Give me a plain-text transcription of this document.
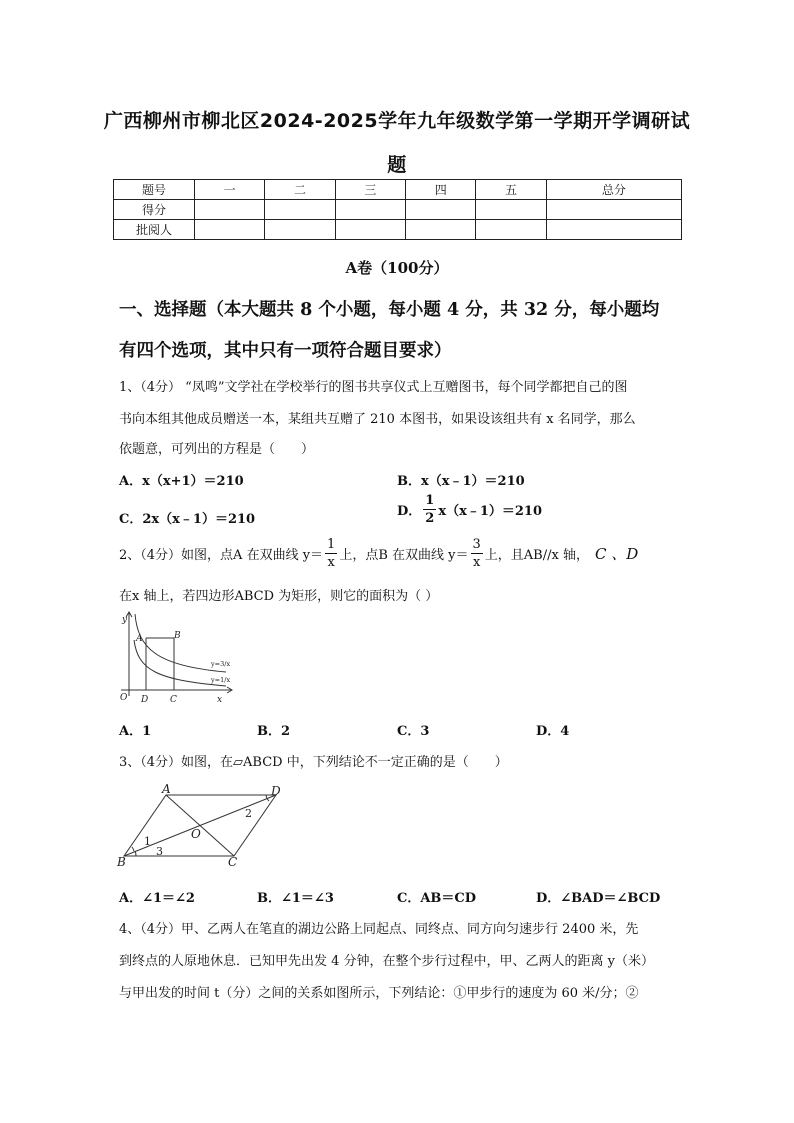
广西柳州市柳北区2024-2025学年九年级数学第一学期开学调研试
题
题号	一	二	三	四	五	总分
得分						
批阅人						
A卷（100分）
一、选择题（本大题共 8 个小题，每小题 4 分，共 32 分，每小题均
有四个选项，其中只有一项符合题目要求）
1、（4分） “凤鸣”文学社在学校举行的图书共享仪式上互赠图书，每个同学都把自己的图
书向本组其他成员赠送一本，某组共互赠了 210 本图书，如果设该组共有 x 名同学，那么
依题意，可列出的方程是（　　）
A．x（x+1）＝210	B．x（x﹣1）＝210
C．2x（x﹣1）＝210
D． $\frac{1}{2}$ x（x﹣1）＝210
2、（4分）如图，点A 在双曲线 $y= \frac{1}{x}$ 上，点B 在双曲线 $y= \frac{3}{x}$ 上，且AB//x 轴， C 、D
在x 轴上，若四边形ABCD 为矩形，则它的面积为（ ）
y
x
O D C
A	B
y=3/x
y=1/x
A．1	B．2	C．3	D．4
3、（4分）如图，在▱ABCD 中，下列结论不一定正确的是（　　）
A	D
B	C
O
1
2
3
A．∠1＝∠2	B．∠1＝∠3	C．AB＝CD	D．∠BAD＝∠BCD
4、（4分）甲、乙两人在笔直的湖边公路上同起点、同终点、同方向匀速步行 2400 米，先
到终点的人原地休息．已知甲先出发 4 分钟，在整个步行过程中，甲、乙两人的距离 y（米）
与甲出发的时间 t（分）之间的关系如图所示，下列结论：①甲步行的速度为 60 米/分；②
